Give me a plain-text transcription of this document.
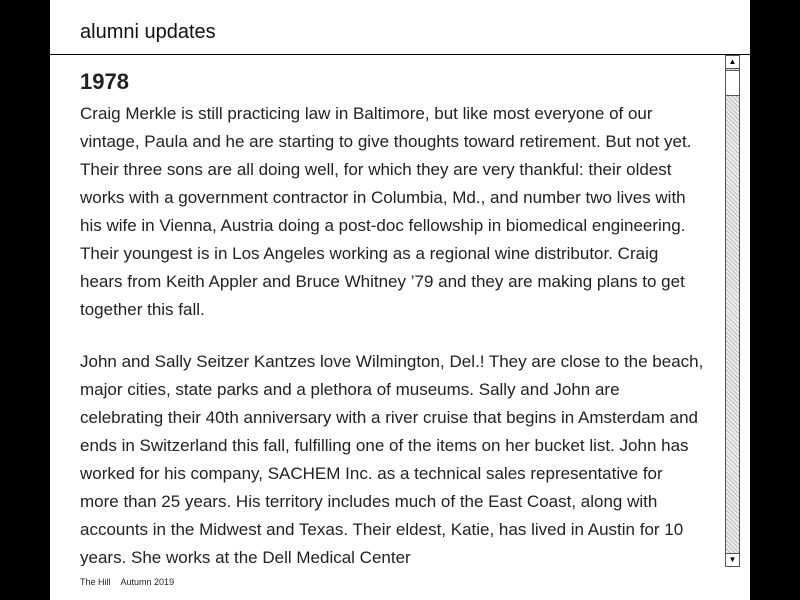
alumni updates
1978

Craig Merkle is still practicing law in Baltimore, but like most everyone of our vintage, Paula and he are starting to give thoughts toward retirement. But not yet. Their three sons are all doing well, for which they are very thankful: their oldest works with a government contractor in Columbia, Md., and number two lives with his wife in Vienna, Austria doing a post-doc fellowship in biomedical engineering. Their youngest is in Los Angeles working as a regional wine distributor. Craig hears from Keith Appler and Bruce Whitney ’79 and they are making plans to get together this fall.

John and Sally Seitzer Kantzes love Wilmington, Del.! They are close to the beach, major cities, state parks and a plethora of museums. Sally and John are celebrating their 40th anniversary with a river cruise that begins in Amsterdam and ends in Switzerland this fall, fulfilling one of the items on her bucket list. John has worked for his company, SACHEM Inc. as a technical sales representative for more than 25 years. His territory includes much of the East Coast, along with accounts in the Midwest and Texas. Their eldest, Katie, has lived in Austin for 10 years. She works at the Dell Medical Center

▲
▼
The Hill Autumn 2019
